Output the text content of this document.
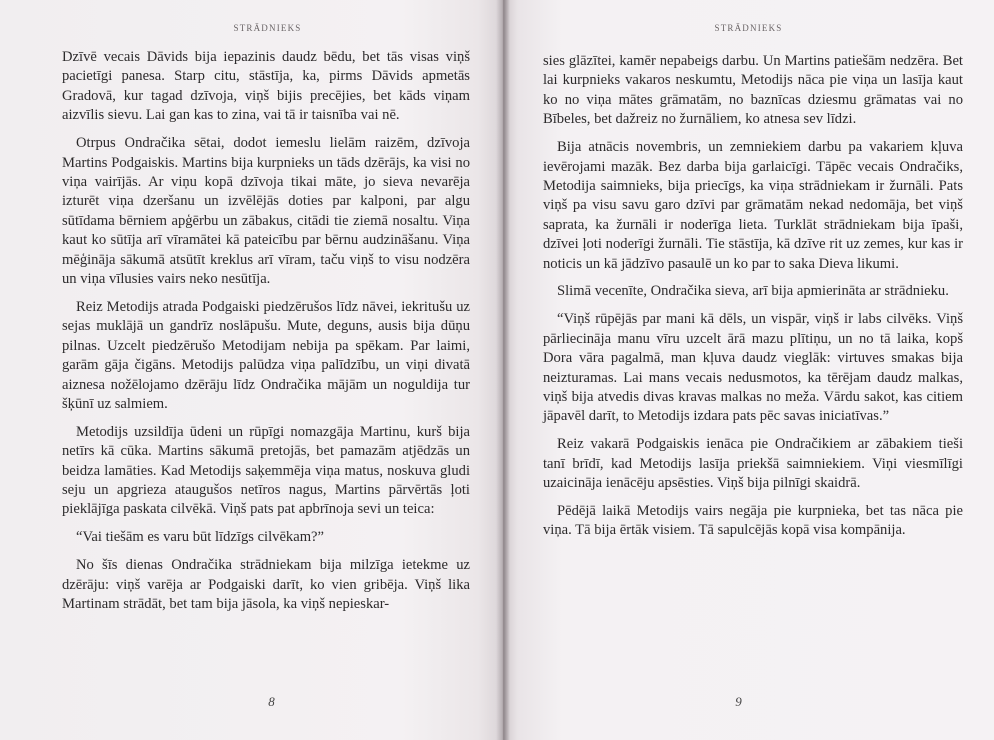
STRĀDNIEKS

Dzīvē vecais Dāvids bija iepazinis daudz bēdu, bet tās visas viņš pacietīgi panesa. Starp citu, stāstīja, ka, pirms Dāvids apmetās Gradovā, kur tagad dzīvoja, viņš bijis precējies, bet kāds viņam aizvīlis sievu. Lai gan kas to zina, vai tā ir taisnība vai nē.

Otrpus Ondračika sētai, dodot iemeslu lielām raizēm, dzīvoja Martins Podgaiskis. Martins bija kurpnieks un tāds dzērājs, ka visi no viņa vairījās. Ar viņu kopā dzīvoja tikai māte, jo sieva nevarēja izturēt viņa dzeršanu un izvēlējās doties par kalponi, par algu sūtīdama bērniem apģērbu un zābakus, citādi tie ziemā nosaltu. Viņa kaut ko sūtīja arī vīramātei kā pateicību par bērnu audzināšanu. Viņa mēģināja sākumā atsūtīt kreklus arī vīram, taču viņš to visu nodzēra un viņa vīlusies vairs neko nesūtīja.

Reiz Metodijs atrada Podgaiski piedzērušos līdz nāvei, iekritušu uz sejas muklājā un gandrīz noslāpušu. Mute, deguns, ausis bija dūņu pilnas. Uzcelt piedzērušo Metodijam nebija pa spēkam. Par laimi, garām gāja čigāns. Metodijs palūdza viņa palīdzību, un viņi divatā aiznesa nožēlojamo dzērāju līdz Ondračika mājām un noguldija tur šķūnī uz salmiem.

Metodijs uzsildīja ūdeni un rūpīgi nomazgāja Martinu, kurš bija netīrs kā cūka. Martins sākumā pretojās, bet pamazām atjēdzās un beidza lamāties. Kad Metodijs saķemmēja viņa matus, noskuva gludi seju un apgrieza ataugušos netīros nagus, Martins pārvērtās ļoti pieklājīga paskata cilvēkā. Viņš pats pat apbrīnoja sevi un teica:

“Vai tiešām es varu būt līdzīgs cilvēkam?”

No šīs dienas Ondračika strādniekam bija milzīga ietekme uz dzērāju: viņš varēja ar Podgaiski darīt, ko vien gribēja. Viņš lika Martinam strādāt, bet tam bija jāsola, ka viņš nepieskar-

8
STRĀDNIEKS

sies glāzītei, kamēr nepabeigs darbu. Un Martins patiešām nedzēra. Bet lai kurpnieks vakaros neskumtu, Metodijs nāca pie viņa un lasīja kaut ko no viņa mātes grāmatām, no baznīcas dziesmu grāmatas vai no Bībeles, bet dažreiz no žurnāliem, ko atnesa sev līdzi.

Bija atnācis novembris, un zemniekiem darbu pa vakariem kļuva ievērojami mazāk. Bez darba bija garlaicīgi. Tāpēc vecais Ondračiks, Metodija saimnieks, bija priecīgs, ka viņa strādniekam ir žurnāli. Pats viņš pa visu savu garo dzīvi par grāmatām nekad nedomāja, bet viņš saprata, ka žurnāli ir noderīga lieta. Turklāt strādniekam bija īpaši, dzīvei ļoti noderīgi žurnāli. Tie stāstīja, kā dzīve rit uz zemes, kur kas ir noticis un kā jādzīvo pasaulē un ko par to saka Dieva likumi.

Slimā vecenīte, Ondračika sieva, arī bija apmierināta ar strādnieku.

“Viņš rūpējās par mani kā dēls, un vispār, viņš ir labs cilvēks. Viņš pārliecināja manu vīru uzcelt ārā mazu plītiņu, un no tā laika, kopš Dora vāra pagalmā, man kļuva daudz vieglāk: virtuves smakas bija neizturamas. Lai mans vecais nedusmotos, ka tērējam daudz malkas, viņš bija atvedis divas kravas malkas no meža. Vārdu sakot, kas citiem jāpavēl darīt, to Metodijs izdara pats pēc savas iniciatīvas.”

Reiz vakarā Podgaiskis ienāca pie Ondračikiem ar zābakiem tieši tanī brīdī, kad Metodijs lasīja priekšā saimniekiem. Viņi viesmīlīgi uzaicināja ienācēju apsēsties. Viņš bija pilnīgi skaidrā.

Pēdējā laikā Metodijs vairs negāja pie kurpnieka, bet tas nāca pie viņa. Tā bija ērtāk visiem. Tā sapulcējās kopā visa kompānija.

9
